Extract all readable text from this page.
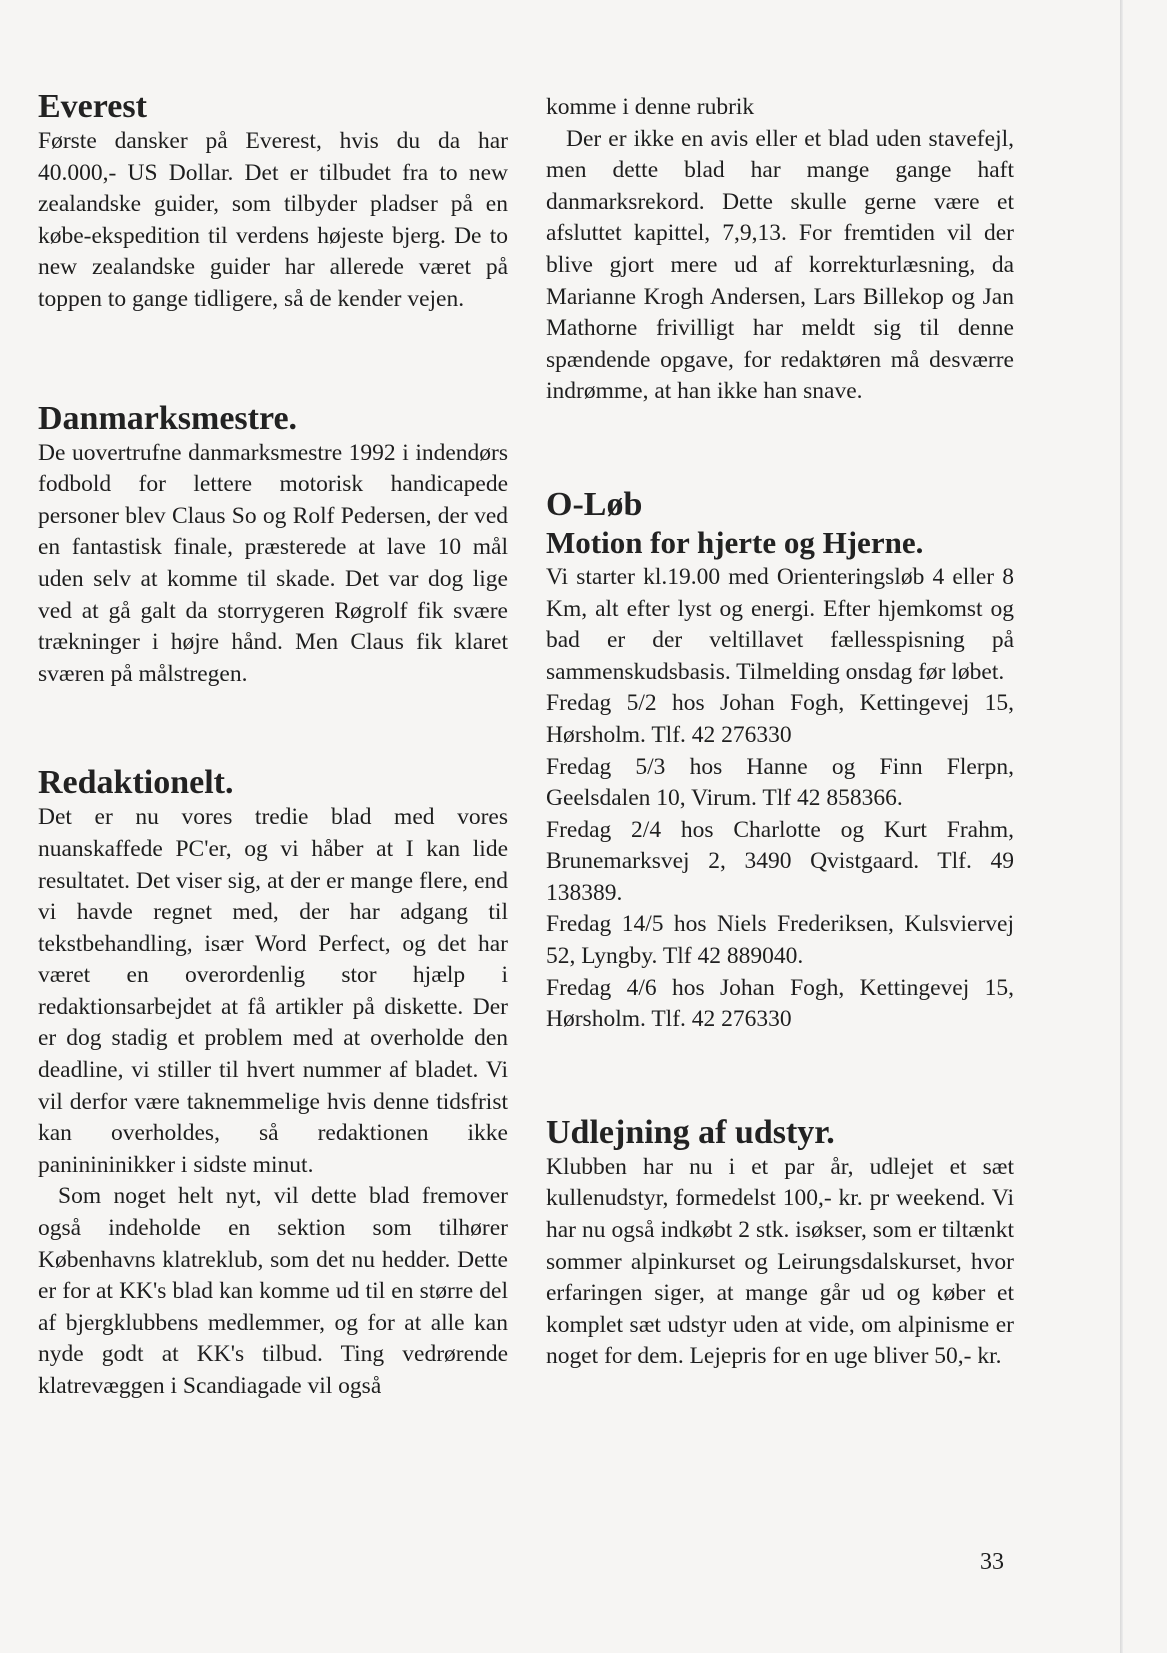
Everest

Første dansker på Everest, hvis du da har 40.000,- US Dollar. Det er tilbudet fra to new zealandske guider, som tilbyder pladser på en købe-ekspedition til verdens højeste bjerg. De to new zealandske guider har allerede været på toppen to gange tidligere, så de kender vejen.

Danmarksmestre.

De uovertrufne danmarksmestre 1992 i indendørs fodbold for lettere motorisk handicapede personer blev Claus So og Rolf Pedersen, der ved en fantastisk finale, præsterede at lave 10 mål uden selv at komme til skade. Det var dog lige ved at gå galt da storrygeren Røgrolf fik svære trækninger i højre hånd. Men Claus fik klaret sværen på målstregen.

Redaktionelt.

Det er nu vores tredie blad med vores nuanskaffede PC'er, og vi håber at I kan lide resultatet. Det viser sig, at der er mange flere, end vi havde regnet med, der har adgang til tekstbehandling, især Word Perfect, og det har været en overordenlig stor hjælp i redaktionsarbejdet at få artikler på diskette. Der er dog stadig et problem med at overholde den deadline, vi stiller til hvert nummer af bladet. Vi vil derfor være taknemmelige hvis denne tidsfrist kan overholdes, så redaktionen ikke paninininikker i sidste minut.

Som noget helt nyt, vil dette blad fremover også indeholde en sektion som tilhører Københavns klatreklub, som det nu hedder. Dette er for at KK's blad kan komme ud til en større del af bjergklubbens medlemmer, og for at alle kan nyde godt at KK's tilbud. Ting vedrørende klatrevæggen i Scandiagade vil også

komme i denne rubrik

Der er ikke en avis eller et blad uden stavefejl, men dette blad har mange gange haft danmarksrekord. Dette skulle gerne være et afsluttet kapittel, 7,9,13. For fremtiden vil der blive gjort mere ud af korrekturlæsning, da Marianne Krogh Andersen, Lars Billekop og Jan Mathorne frivilligt har meldt sig til denne spændende opgave, for redaktøren må desværre indrømme, at han ikke han snave.

O-Løb
Motion for hjerte og Hjerne.

Vi starter kl.19.00 med Orienteringsløb 4 eller 8 Km, alt efter lyst og energi. Efter hjemkomst og bad er der veltillavet fællesspisning på sammenskudsbasis. Tilmelding onsdag før løbet.

Fredag 5/2 hos Johan Fogh, Kettingevej 15, Hørsholm. Tlf. 42 276330

Fredag 5/3 hos Hanne og Finn Flerpn, Geelsdalen 10, Virum. Tlf 42 858366.

Fredag 2/4 hos Charlotte og Kurt Frahm, Brunemarksvej 2, 3490 Qvistgaard. Tlf. 49 138389.

Fredag 14/5 hos Niels Frederiksen, Kulsviervej 52, Lyngby. Tlf 42 889040.

Fredag 4/6 hos Johan Fogh, Kettingevej 15, Hørsholm. Tlf. 42 276330

Udlejning af udstyr.

Klubben har nu i et par år, udlejet et sæt kullenudstyr, formedelst 100,- kr. pr weekend. Vi har nu også indkøbt 2 stk. isøkser, som er tiltænkt sommer alpinkurset og Leirungsdalskurset, hvor erfaringen siger, at mange går ud og køber et komplet sæt udstyr uden at vide, om alpinisme er noget for dem. Lejepris for en uge bliver 50,- kr.

33
